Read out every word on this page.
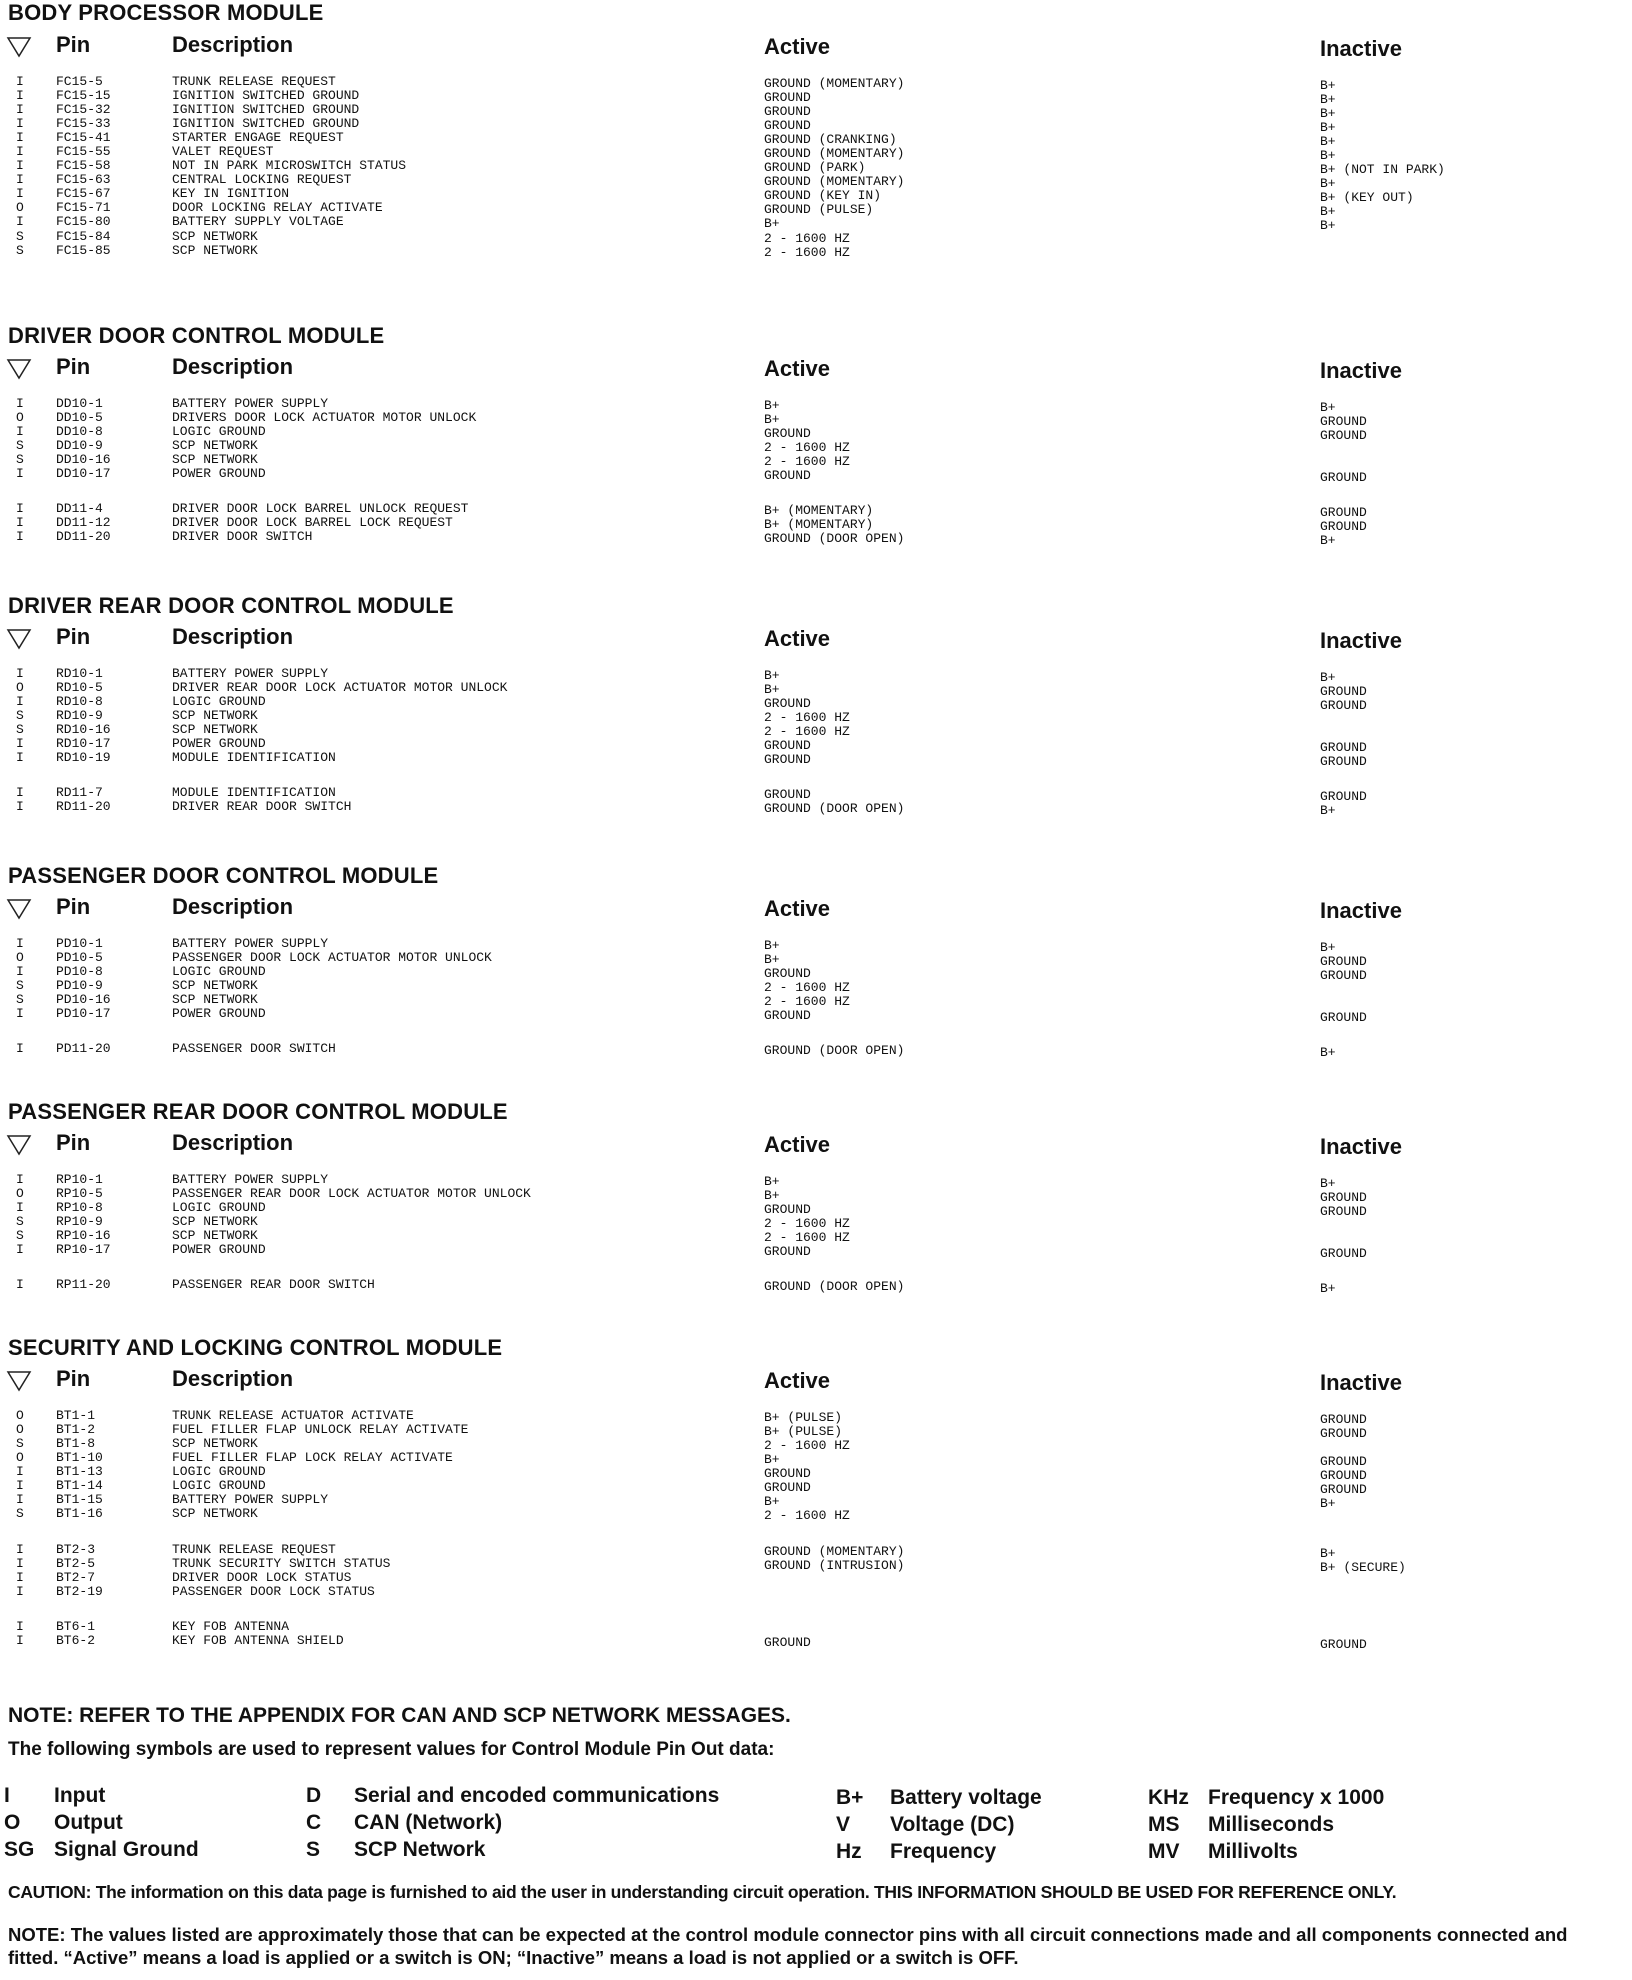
BODY PROCESSOR MODULE
Pin	Description	Active	Inactive
I FC15-5	TRUNK RELEASE REQUEST	GROUND (MOMENTARY)	B+
I FC15-15	IGNITION SWITCHED GROUND	GROUND	B+
I FC15-32	IGNITION SWITCHED GROUND	GROUND	B+
I FC15-33	IGNITION SWITCHED GROUND	GROUND	B+
I FC15-41	STARTER ENGAGE REQUEST	GROUND (CRANKING)	B+
I FC15-55	VALET REQUEST	GROUND (MOMENTARY)	B+
I FC15-58	NOT IN PARK MICROSWITCH STATUS	GROUND (PARK)	B+ (NOT IN PARK)
I FC15-63	CENTRAL LOCKING REQUEST	GROUND (MOMENTARY)	B+
I FC15-67	KEY IN IGNITION	GROUND (KEY IN)	B+ (KEY OUT)
O FC15-71	DOOR LOCKING RELAY ACTIVATE	GROUND (PULSE)	B+
I FC15-80	BATTERY SUPPLY VOLTAGE	B+	B+
S FC15-84	SCP NETWORK	2 - 1600 HZ
S FC15-85	SCP NETWORK	2 - 1600 HZ
DRIVER DOOR CONTROL MODULE
Pin	Description	Active	Inactive
I DD10-1	BATTERY POWER SUPPLY	B+	B+
O DD10-5	DRIVERS DOOR LOCK ACTUATOR MOTOR UNLOCK	B+	GROUND
I DD10-8	LOGIC GROUND	GROUND	GROUND
S DD10-9	SCP NETWORK	2 - 1600 HZ
S DD10-16	SCP NETWORK	2 - 1600 HZ
I DD10-17	POWER GROUND	GROUND	GROUND
I DD11-4	DRIVER DOOR LOCK BARREL UNLOCK REQUEST	B+ (MOMENTARY)	GROUND
I DD11-12	DRIVER DOOR LOCK BARREL LOCK REQUEST	B+ (MOMENTARY)	GROUND
I DD11-20	DRIVER DOOR SWITCH	GROUND (DOOR OPEN)	B+
DRIVER REAR DOOR CONTROL MODULE
Pin	Description	Active	Inactive
I RD10-1	BATTERY POWER SUPPLY	B+	B+
O RD10-5	DRIVER REAR DOOR LOCK ACTUATOR MOTOR UNLOCK	B+	GROUND
I RD10-8	LOGIC GROUND	GROUND	GROUND
S RD10-9	SCP NETWORK	2 - 1600 HZ
S RD10-16	SCP NETWORK	2 - 1600 HZ
I RD10-17	POWER GROUND	GROUND	GROUND
I RD10-19	MODULE IDENTIFICATION	GROUND	GROUND
I RD11-7	MODULE IDENTIFICATION	GROUND	GROUND
I RD11-20	DRIVER REAR DOOR SWITCH	GROUND (DOOR OPEN)	B+
PASSENGER DOOR CONTROL MODULE
Pin	Description	Active	Inactive
I PD10-1	BATTERY POWER SUPPLY	B+	B+
O PD10-5	PASSENGER DOOR LOCK ACTUATOR MOTOR UNLOCK	B+	GROUND
I PD10-8	LOGIC GROUND	GROUND	GROUND
S PD10-9	SCP NETWORK	2 - 1600 HZ
S PD10-16	SCP NETWORK	2 - 1600 HZ
I PD10-17	POWER GROUND	GROUND	GROUND
I PD11-20	PASSENGER DOOR SWITCH	GROUND (DOOR OPEN)	B+
PASSENGER REAR DOOR CONTROL MODULE
Pin	Description	Active	Inactive
I RP10-1	BATTERY POWER SUPPLY	B+	B+
O RP10-5	PASSENGER REAR DOOR LOCK ACTUATOR MOTOR UNLOCK	B+	GROUND
I RP10-8	LOGIC GROUND	GROUND	GROUND
S RP10-9	SCP NETWORK	2 - 1600 HZ
S RP10-16	SCP NETWORK	2 - 1600 HZ
I RP10-17	POWER GROUND	GROUND	GROUND
I RP11-20	PASSENGER REAR DOOR SWITCH	GROUND (DOOR OPEN)	B+
SECURITY AND LOCKING CONTROL MODULE
Pin	Description	Active	Inactive
O BT1-1	TRUNK RELEASE ACTUATOR ACTIVATE	B+ (PULSE)	GROUND
O BT1-2	FUEL FILLER FLAP UNLOCK RELAY ACTIVATE	B+ (PULSE)	GROUND
S BT1-8	SCP NETWORK	2 - 1600 HZ
O BT1-10	FUEL FILLER FLAP LOCK RELAY ACTIVATE	B+	GROUND
I BT1-13	LOGIC GROUND	GROUND	GROUND
I BT1-14	LOGIC GROUND	GROUND	GROUND
I BT1-15	BATTERY POWER SUPPLY	B+	B+
S BT1-16	SCP NETWORK	2 - 1600 HZ
I BT2-3	TRUNK RELEASE REQUEST	GROUND (MOMENTARY)	B+
I BT2-5	TRUNK SECURITY SWITCH STATUS	GROUND (INTRUSION)	B+ (SECURE)
I BT2-7	DRIVER DOOR LOCK STATUS
I BT2-19	PASSENGER DOOR LOCK STATUS
I BT6-1	KEY FOB ANTENNA
I BT6-2	KEY FOB ANTENNA SHIELD	GROUND	GROUND
NOTE: REFER TO THE APPENDIX FOR CAN AND SCP NETWORK MESSAGES.
The following symbols are used to represent values for Control Module Pin Out data:
I Input
O Output
SG Signal Ground
D Serial and encoded communications
C CAN (Network)
S SCP Network
B+ Battery voltage
V Voltage (DC)
Hz Frequency
KHz Frequency x 1000
MS Milliseconds
MV Millivolts
CAUTION: The information on this data page is furnished to aid the user in understanding circuit operation. THIS INFORMATION SHOULD BE USED FOR REFERENCE ONLY.
NOTE: The values listed are approximately those that can be expected at the control module connector pins with all circuit connections made and all components connected and fitted. “Active” means a load is applied or a switch is ON; “Inactive” means a load is not applied or a switch is OFF.
